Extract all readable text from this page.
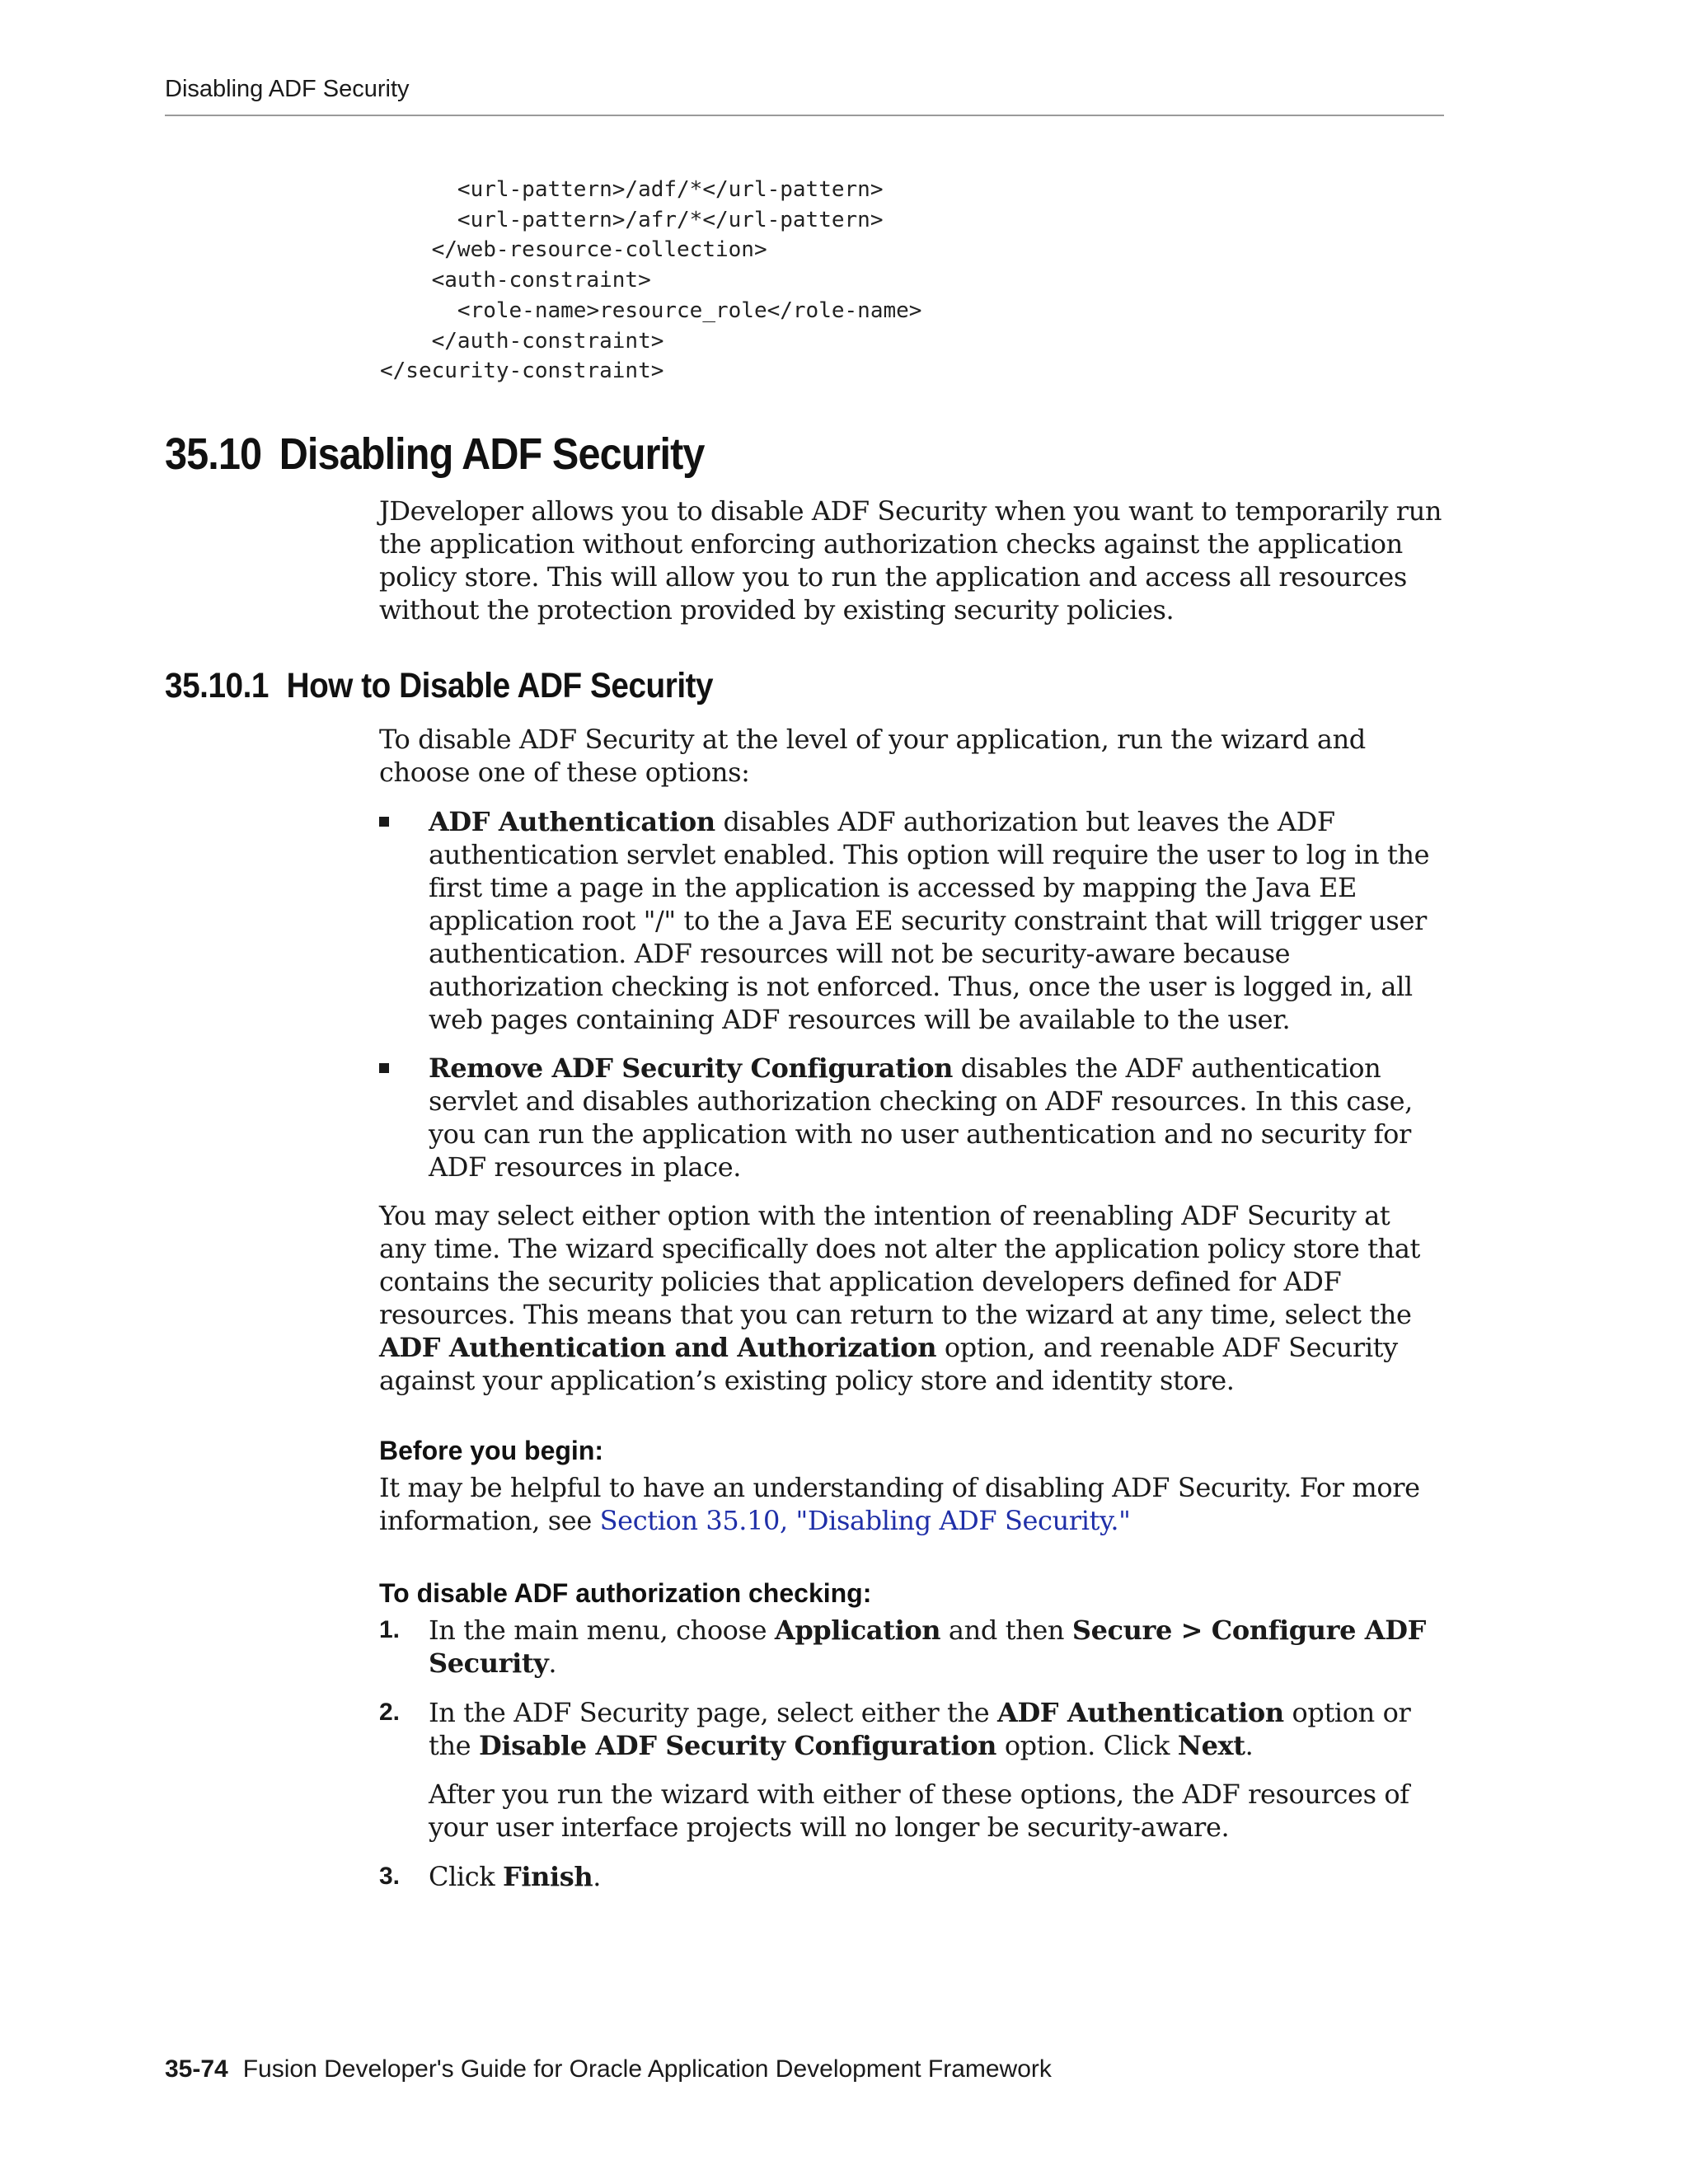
Disabling ADF Security
<url-pattern>/adf/*</url-pattern>
<url-pattern>/afr/*</url-pattern>
</web-resource-collection>
<auth-constraint>
<role-name>resource_role</role-name>
</auth-constraint>
</security-constraint>
35.10 Disabling ADF Security

JDeveloper allows you to disable ADF Security when you want to temporarily run the application without enforcing authorization checks against the application policy store. This will allow you to run the application and access all resources without the protection provided by existing security policies.

35.10.1 How to Disable ADF Security

To disable ADF Security at the level of your application, run the wizard and choose one of these options:

ADF Authentication disables ADF authorization but leaves the ADF authentication servlet enabled. This option will require the user to log in the first time a page in the application is accessed by mapping the Java EE application root "/" to the a Java EE security constraint that will trigger user authentication. ADF resources will not be security-aware because authorization checking is not enforced. Thus, once the user is logged in, all web pages containing ADF resources will be available to the user.

Remove ADF Security Configuration disables the ADF authentication servlet and disables authorization checking on ADF resources. In this case, you can run the application with no user authentication and no security for ADF resources in place.

You may select either option with the intention of reenabling ADF Security at any time. The wizard specifically does not alter the application policy store that contains the security policies that application developers defined for ADF resources. This means that you can return to the wizard at any time, select the ADF Authentication and Authorization option, and reenable ADF Security against your application’s existing policy store and identity store.

Before you begin:

It may be helpful to have an understanding of disabling ADF Security. For more information, see Section 35.10, "Disabling ADF Security."

To disable ADF authorization checking:
1. In the main menu, choose Application and then Secure > Configure ADF Security.

2. In the ADF Security page, select either the ADF Authentication option or the Disable ADF Security Configuration option. Click Next.

After you run the wizard with either of these options, the ADF resources of your user interface projects will no longer be security-aware.

3. Click Finish.

35-74 Fusion Developer's Guide for Oracle Application Development Framework
